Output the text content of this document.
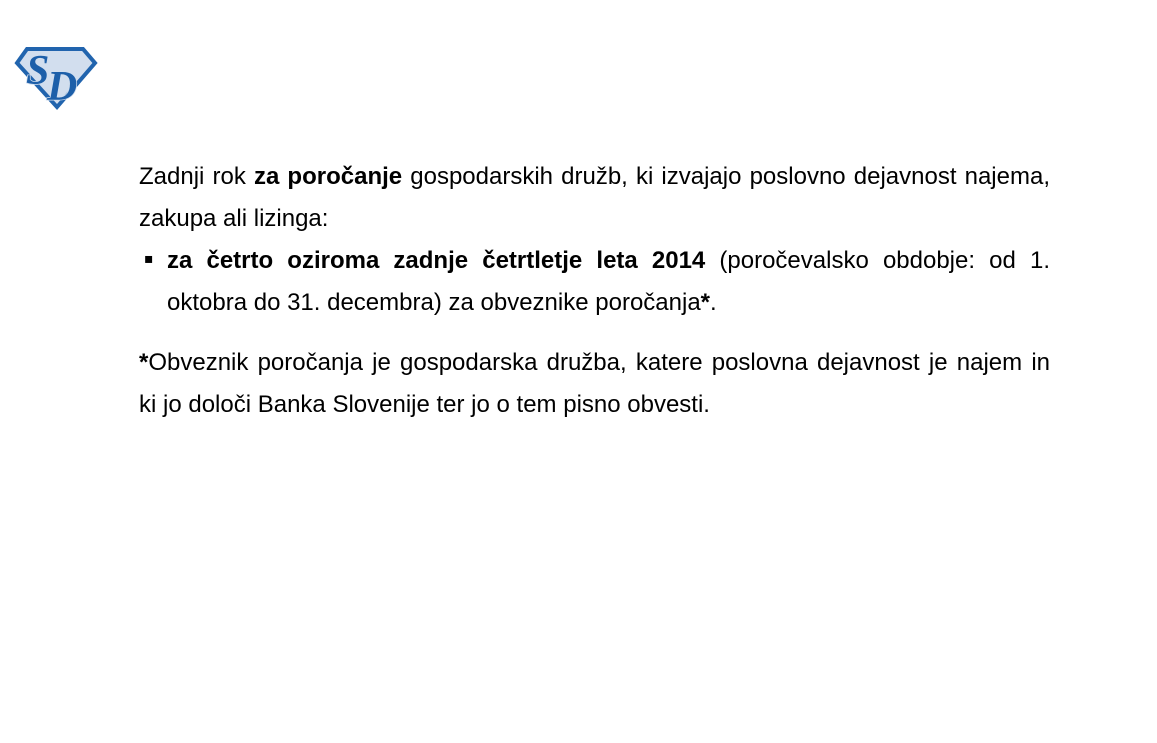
S
D
Zadnji rok za poročanje gospodarskih družb, ki izvajajo poslovno dejavnost najema,
zakupa ali lizinga:
▪ za četrto oziroma zadnje četrtletje leta 2014 (poročevalsko obdobje: od 1.
oktobra do 31. decembra) za obveznike poročanja*.
*Obveznik poročanja je gospodarska družba, katere poslovna dejavnost je najem in
ki jo določi Banka Slovenije ter jo o tem pisno obvesti.
